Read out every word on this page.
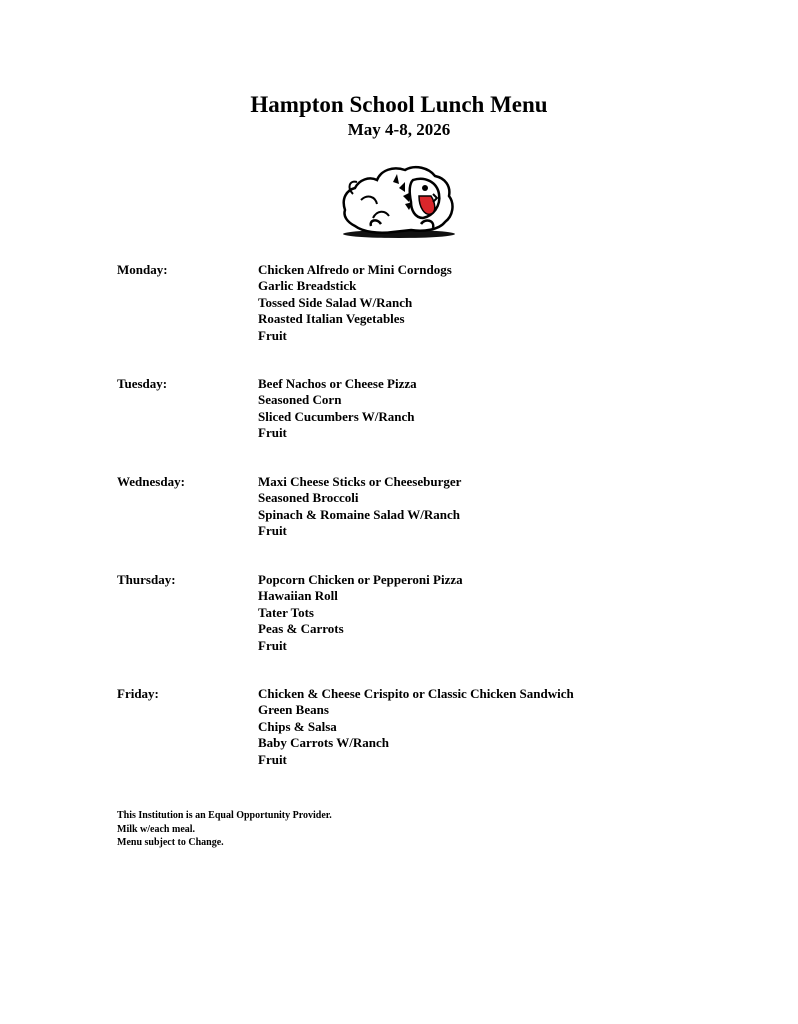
Hampton School Lunch Menu
May 4-8, 2026
Monday:	Chicken Alfredo or Mini Corndogs
Garlic Breadstick
Tossed Side Salad W/Ranch
Roasted Italian Vegetables
Fruit
Tuesday:	Beef Nachos or Cheese Pizza
Seasoned Corn
Sliced Cucumbers W/Ranch
Fruit
Wednesday:	Maxi Cheese Sticks or Cheeseburger
Seasoned Broccoli
Spinach & Romaine Salad W/Ranch
Fruit
Thursday:	Popcorn Chicken or Pepperoni Pizza
Hawaiian Roll
Tater Tots
Peas & Carrots
Fruit
Friday:	Chicken & Cheese Crispito or Classic Chicken Sandwich
Green Beans
Chips & Salsa
Baby Carrots W/Ranch
Fruit
This Institution is an Equal Opportunity Provider.
Milk w/each meal.
Menu subject to Change.
